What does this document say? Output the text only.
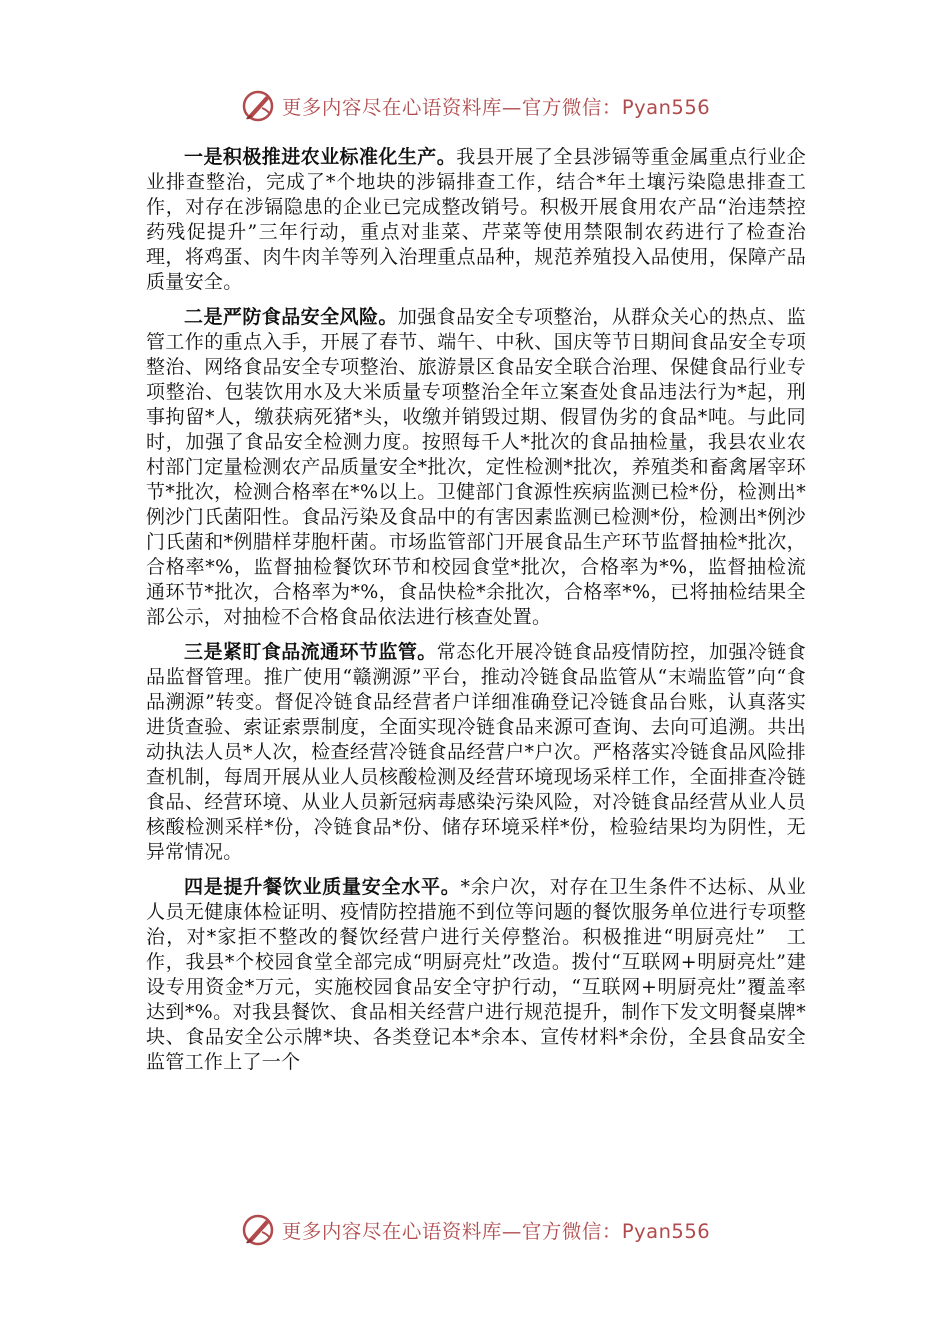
更多内容尽在心语资料库—官方微信：Pyan556

一是积极推进农业标准化生产。我县开展了全县涉镉等重金属重点行业企业排查整治，完成了*个地块的涉镉排查工作，结合*年土壤污染隐患排查工作，对存在涉镉隐患的企业已完成整改销号。积极开展食用农产品“治违禁控药残促提升”三年行动，重点对韭菜、芹菜等使用禁限制农药进行了检查治理，将鸡蛋、肉牛肉羊等列入治理重点品种，规范养殖投入品使用，保障产品质量安全。

二是严防食品安全风险。加强食品安全专项整治，从群众关心的热点、监管工作的重点入手，开展了春节、端午、中秋、国庆等节日期间食品安全专项整治、网络食品安全专项整治、旅游景区食品安全联合治理、保健食品行业专项整治、包装饮用水及大米质量专项整治全年立案查处食品违法行为*起，刑事拘留*人，缴获病死猪*头，收缴并销毁过期、假冒伪劣的食品*吨。与此同时，加强了食品安全检测力度。按照每千人*批次的食品抽检量，我县农业农村部门定量检测农产品质量安全*批次，定性检测*批次，养殖类和畜禽屠宰环节*批次，检测合格率在*%以上。卫健部门食源性疾病监测已检*份，检测出*例沙门氏菌阳性。食品污染及食品中的有害因素监测已检测*份，检测出*例沙门氏菌和*例腊样芽胞杆菌。市场监管部门开展食品生产环节监督抽检*批次，合格率*%，监督抽检餐饮环节和校园食堂*批次，合格率为*%，监督抽检流通环节*批次，合格率为*%，食品快检*余批次，合格率*%，已将抽检结果全部公示，对抽检不合格食品依法进行核查处置。

三是紧盯食品流通环节监管。常态化开展冷链食品疫情防控，加强冷链食品监督管理。推广使用“赣溯源”平台，推动冷链食品监管从“末端监管”向“食品溯源”转变。督促冷链食品经营者户详细准确登记冷链食品台账，认真落实进货查验、索证索票制度，全面实现冷链食品来源可查询、去向可追溯。共出动执法人员*人次，检查经营冷链食品经营户*户次。严格落实冷链食品风险排查机制，每周开展从业人员核酸检测及经营环境现场采样工作，全面排查冷链食品、经营环境、从业人员新冠病毒感染污染风险，对冷链食品经营从业人员核酸检测采样*份，冷链食品*份、储存环境采样*份，检验结果均为阴性，无异常情况。

四是提升餐饮业质量安全水平。*余户次，对存在卫生条件不达标、从业人员无健康体检证明、疫情防控措施不到位等问题的餐饮服务单位进行专项整治，对*家拒不整改的餐饮经营户进行关停整治。积极推进“明厨亮灶”　工作，我县*个校园食堂全部完成“明厨亮灶”改造。拨付“互联网+明厨亮灶”建设专用资金*万元，实施校园食品安全守护行动，“互联网+明厨亮灶”覆盖率达到*%。对我县餐饮、食品相关经营户进行规范提升，制作下发文明餐桌牌*块、食品安全公示牌*块、各类登记本*余本、宣传材料*余份，全县食品安全监管工作上了一个

更多内容尽在心语资料库—官方微信：Pyan556
